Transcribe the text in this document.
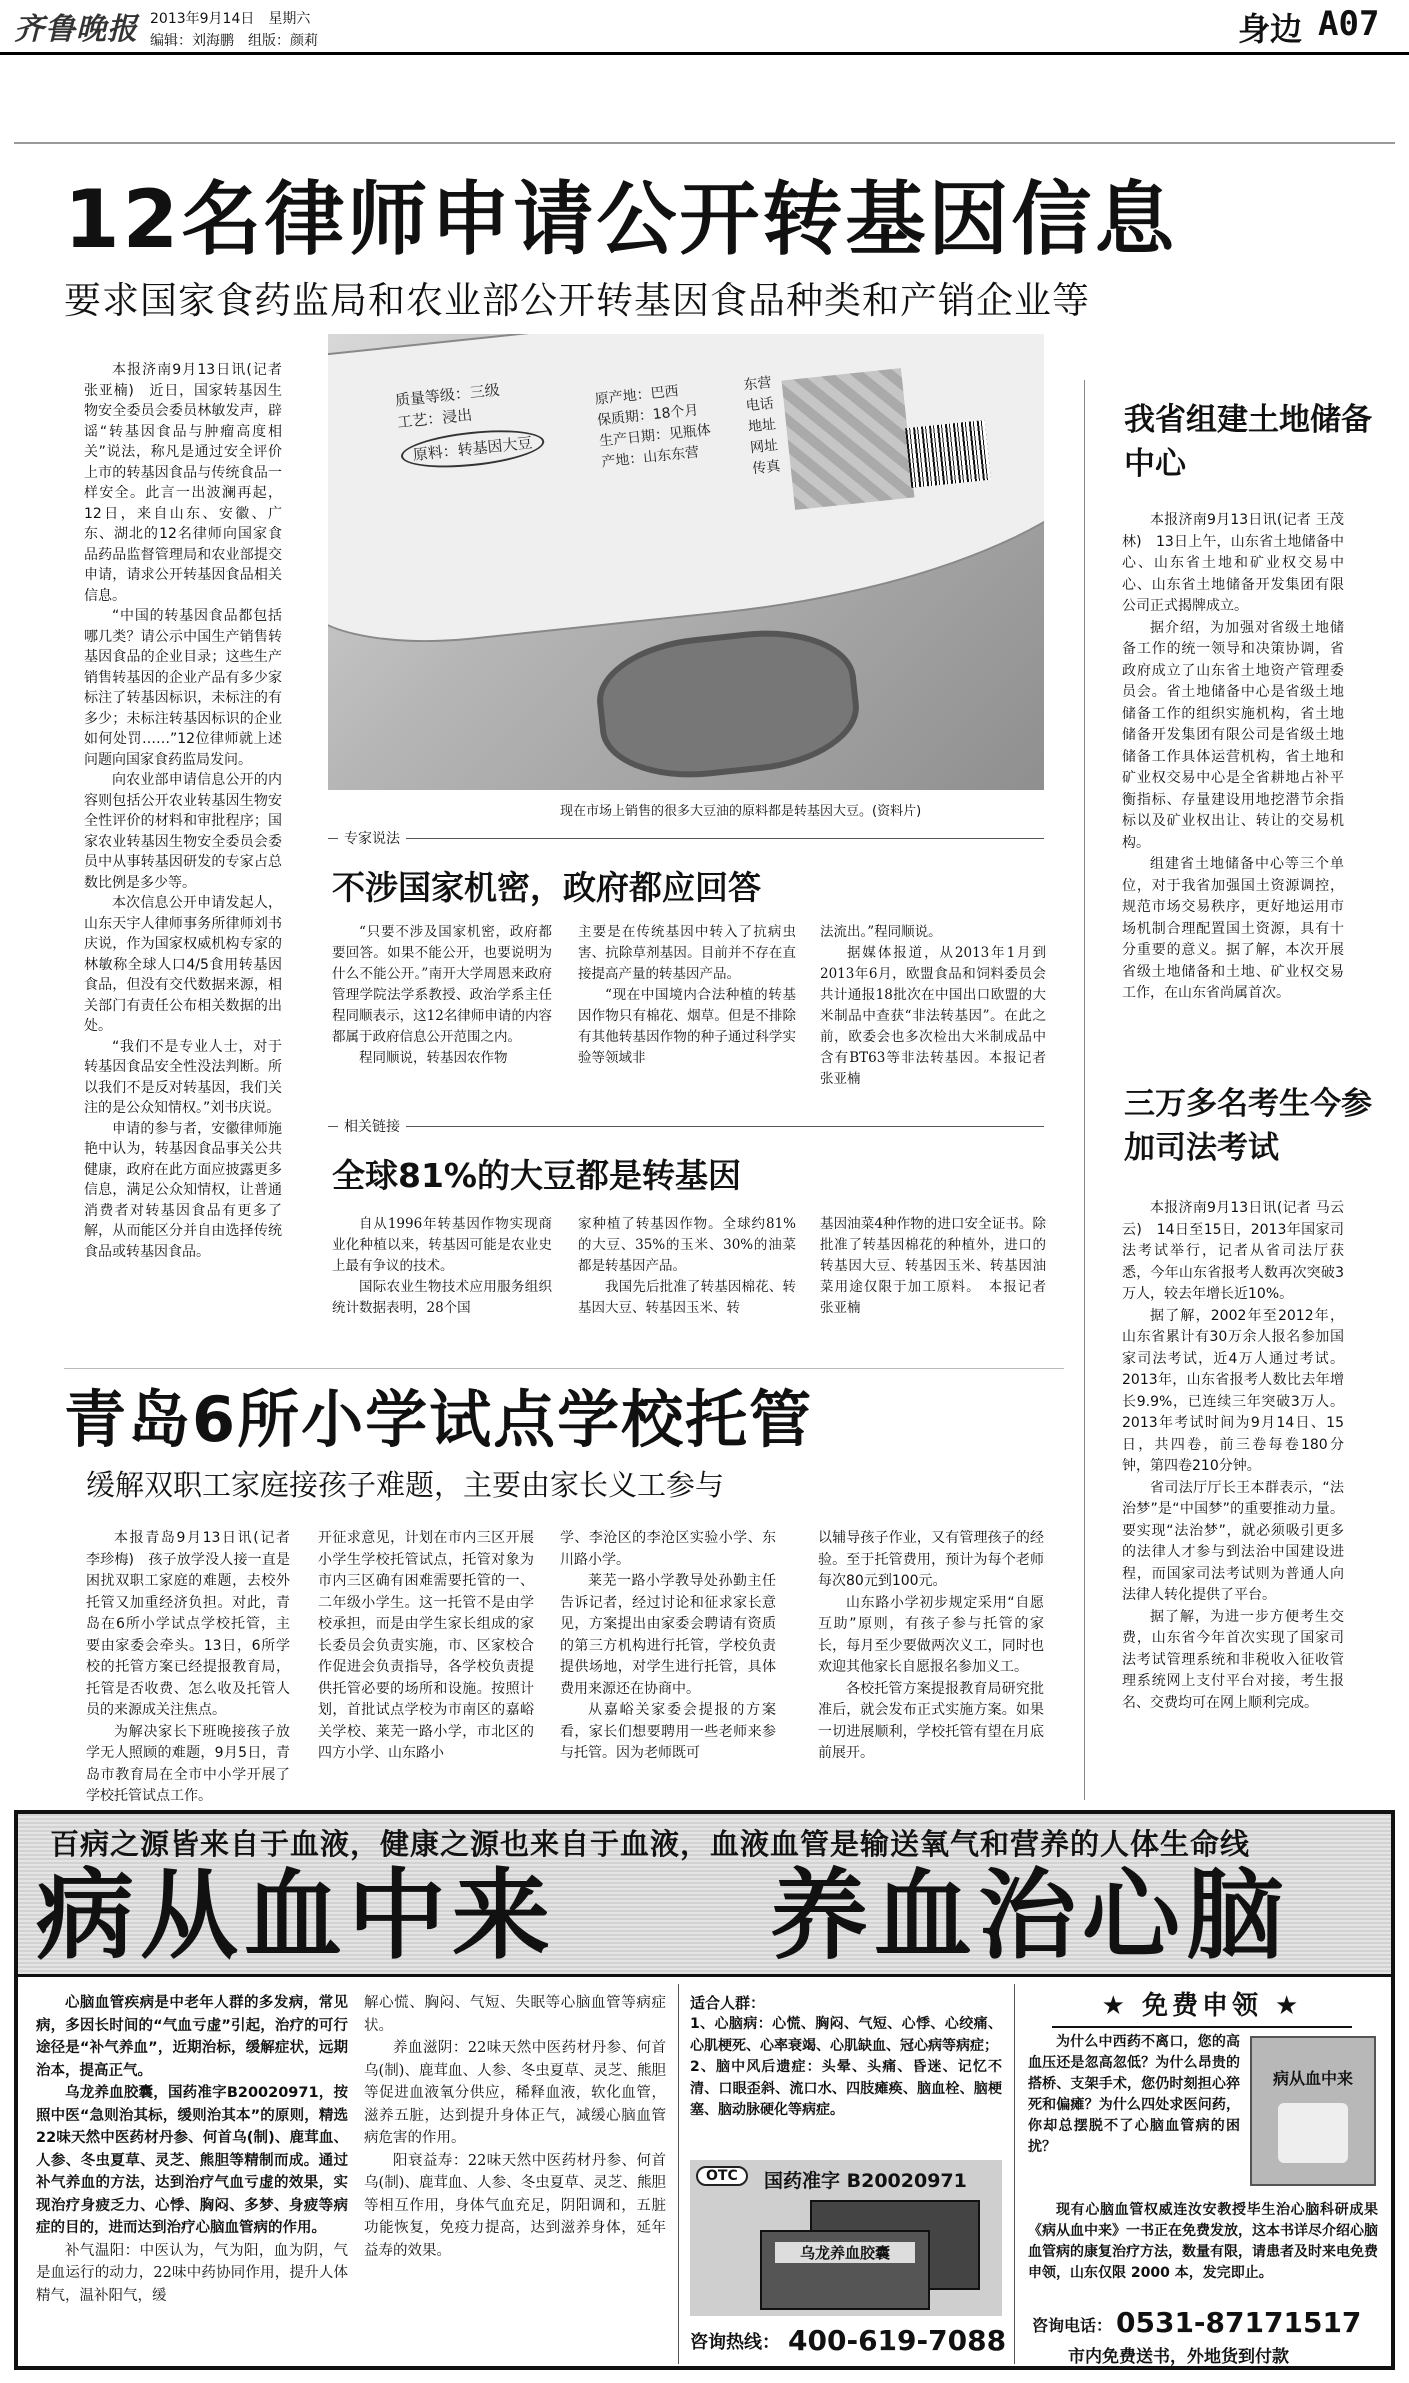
齐鲁晚报 2013年9月14日　星期六
编辑：刘海鹏　组版：颜莉	身边 A07
12名律师申请公开转基因信息
要求国家食药监局和农业部公开转基因食品种类和产销企业等

本报济南9月13日讯(记者 张亚楠)　近日，国家转基因生物安全委员会委员林敏发声，辟谣“转基因食品与肿瘤高度相关”说法，称凡是通过安全评价上市的转基因食品与传统食品一样安全。此言一出波澜再起，12日，来自山东、安徽、广东、湖北的12名律师向国家食品药品监督管理局和农业部提交申请，请求公开转基因食品相关信息。

“中国的转基因食品都包括哪几类？请公示中国生产销售转基因食品的企业目录；这些生产销售转基因的企业产品有多少家标注了转基因标识，未标注的有多少；未标注转基因标识的企业如何处罚……”12位律师就上述问题向国家食药监局发问。

向农业部申请信息公开的内容则包括公开农业转基因生物安全性评价的材料和审批程序；国家农业转基因生物安全委员会委员中从事转基因研发的专家占总数比例是多少等。

本次信息公开申请发起人，山东天宇人律师事务所律师刘书庆说，作为国家权威机构专家的林敏称全球人口4/5食用转基因食品，但没有交代数据来源，相关部门有责任公布相关数据的出处。

“我们不是专业人士，对于转基因食品安全性没法判断。所以我们不是反对转基因，我们关注的是公众知情权。”刘书庆说。

申请的参与者，安徽律师施艳中认为，转基因食品事关公共健康，政府在此方面应披露更多信息，满足公众知情权，让普通消费者对转基因食品有更多了解，从而能区分并自由选择传统食品或转基因食品。

质量等级：三级
工艺：浸出
原料：转基因大豆
原产地：巴西
保质期：18个月
生产日期：见瓶体
产地：山东东营
东营
电话
地址
网址
传真
现在市场上销售的很多大豆油的原料都是转基因大豆。(资料片)
专家说法
不涉国家机密，政府都应回答

“只要不涉及国家机密，政府都要回答。如果不能公开，也要说明为什么不能公开。”南开大学周恩来政府管理学院法学系教授、政治学系主任程同顺表示，这12名律师申请的内容都属于政府信息公开范围之内。

程同顺说，转基因农作物

主要是在传统基因中转入了抗病虫害、抗除草剂基因。目前并不存在直接提高产量的转基因产品。

“现在中国境内合法种植的转基因作物只有棉花、烟草。但是不排除有其他转基因作物的种子通过科学实验等领域非

法流出。”程同顺说。

据媒体报道，从2013年1月到2013年6月，欧盟食品和饲料委员会共计通报18批次在中国出口欧盟的大米制品中查获“非法转基因”。在此之前，欧委会也多次检出大米制成品中含有BT63等非法转基因。本报记者　张亚楠

相关链接
全球81%的大豆都是转基因

自从1996年转基因作物实现商业化种植以来，转基因可能是农业史上最有争议的技术。

国际农业生物技术应用服务组织统计数据表明，28个国

家种植了转基因作物。全球约81%的大豆、35%的玉米、30%的油菜都是转基因产品。

我国先后批准了转基因棉花、转基因大豆、转基因玉米、转

基因油菜4种作物的进口安全证书。除批准了转基因棉花的种植外，进口的转基因大豆、转基因玉米、转基因油菜用途仅限于加工原料。　本报记者　张亚楠

我省组建土地储备中心

本报济南9月13日讯(记者 王茂林)　13日上午，山东省土地储备中心、山东省土地和矿业权交易中心、山东省土地储备开发集团有限公司正式揭牌成立。

据介绍，为加强对省级土地储备工作的统一领导和决策协调，省政府成立了山东省土地资产管理委员会。省土地储备中心是省级土地储备工作的组织实施机构，省土地储备开发集团有限公司是省级土地储备工作具体运营机构，省土地和矿业权交易中心是全省耕地占补平衡指标、存量建设用地挖潜节余指标以及矿业权出让、转让的交易机构。

组建省土地储备中心等三个单位，对于我省加强国土资源调控，规范市场交易秩序，更好地运用市场机制合理配置国土资源，具有十分重要的意义。据了解，本次开展省级土地储备和土地、矿业权交易工作，在山东省尚属首次。

三万多名考生今参加司法考试

本报济南9月13日讯(记者 马云云)　14日至15日，2013年国家司法考试举行，记者从省司法厅获悉，今年山东省报考人数再次突破3万人，较去年增长近10%。

据了解，2002年至2012年，山东省累计有30万余人报名参加国家司法考试，近4万人通过考试。2013年，山东省报考人数比去年增长9.9%，已连续三年突破3万人。2013年考试时间为9月14日、15日，共四卷，前三卷每卷180分钟，第四卷210分钟。

省司法厅厅长王本群表示，“法治梦”是“中国梦”的重要推动力量。要实现“法治梦”，就必须吸引更多的法律人才参与到法治中国建设进程，而国家司法考试则为普通人向法律人转化提供了平台。

据了解，为进一步方便考生交费，山东省今年首次实现了国家司法考试管理系统和非税收入征收管理系统网上支付平台对接，考生报名、交费均可在网上顺利完成。

青岛6所小学试点学校托管
缓解双职工家庭接孩子难题，主要由家长义工参与

本报青岛9月13日讯(记者 李珍梅)　孩子放学没人接一直是困扰双职工家庭的难题，去校外托管又加重经济负担。对此，青岛在6所小学试点学校托管，主要由家委会牵头。13日，6所学校的托管方案已经提报教育局，托管是否收费、怎么收及托管人员的来源成关注焦点。

为解决家长下班晚接孩子放学无人照顾的难题，9月5日，青岛市教育局在全市中小学开展了学校托管试点工作。

开征求意见，计划在市内三区开展小学生学校托管试点，托管对象为市内三区确有困难需要托管的一、二年级小学生。这一托管不是由学校承担，而是由学生家长组成的家长委员会负责实施，市、区家校合作促进会负责指导，各学校负责提供托管必要的场所和设施。按照计划，首批试点学校为市南区的嘉峪关学校、莱芜一路小学，市北区的四方小学、山东路小

学、李沧区的李沧区实验小学、东川路小学。

莱芜一路小学教导处孙勤主任告诉记者，经过讨论和征求家长意见，方案提出由家委会聘请有资质的第三方机构进行托管，学校负责提供场地，对学生进行托管，具体费用来源还在协商中。

从嘉峪关家委会提报的方案看，家长们想要聘用一些老师来参与托管。因为老师既可

以辅导孩子作业，又有管理孩子的经验。至于托管费用，预计为每个老师每次80元到100元。

山东路小学初步规定采用“自愿互助”原则，有孩子参与托管的家长，每月至少要做两次义工，同时也欢迎其他家长自愿报名参加义工。

各校托管方案提报教育局研究批准后，就会发布正式实施方案。如果一切进展顺利，学校托管有望在月底前展开。

百病之源皆来自于血液，健康之源也来自于血液，血液血管是输送氧气和营养的人体生命线
病从血中来 养血治心脑

心脑血管疾病是中老年人群的多发病，常见病，多因长时间的“气血亏虚”引起，治疗的可行途径是“补气养血”，近期治标，缓解症状，远期治本，提高正气。

乌龙养血胶囊，国药准字B20020971，按照中医“急则治其标，缓则治其本”的原则，精选22味天然中医药材丹参、何首乌(制)、鹿茸血、人参、冬虫夏草、灵芝、熊胆等精制而成。通过补气养血的方法，达到治疗气血亏虚的效果，实现治疗身疲乏力、心悸、胸闷、多梦、身疲等病症的目的，进而达到治疗心脑血管病的作用。

补气温阳：中医认为，气为阳，血为阴，气是血运行的动力，22味中药协同作用，提升人体精气，温补阳气，缓

解心慌、胸闷、气短、失眠等心脑血管等病症状。

养血滋阴：22味天然中医药材丹参、何首乌(制)、鹿茸血、人参、冬虫夏草、灵芝、熊胆等促进血液氧分供应，稀释血液，软化血管，滋养五脏，达到提升身体正气，减缓心脑血管病危害的作用。

阳衰益寿：22味天然中医药材丹参、何首乌(制)、鹿茸血、人参、冬虫夏草、灵芝、熊胆等相互作用，身体气血充足，阴阳调和，五脏功能恢复，免疫力提高，达到滋养身体，延年益寿的效果。

适合人群：

1、心脑病：心慌、胸闷、气短、心悸、心绞痛、心肌梗死、心率衰竭、心肌缺血、冠心病等病症；

2、脑中风后遗症：头晕、头痛、昏迷、记忆不清、口眼歪斜、流口水、四肢瘫痪、脑血栓、脑梗塞、脑动脉硬化等病症。

OTC	国药准字 B20020971
乌龙养血胶囊
咨询热线： 400-619-7088
★ 免费申领 ★

为什么中西药不离口，您的高血压还是忽高忽低？为什么昂贵的搭桥、支架手术，您仍时刻担心猝死和偏瘫？为什么四处求医问药，你却总摆脱不了心脑血管病的困扰？

病从血中来

现有心脑血管权威连汝安教授毕生治心脑科研成果《病从血中来》一书正在免费发放，这本书详尽介绍心脑血管病的康复治疗方法，数量有限，请患者及时来电免费申领，山东仅限 2000 本，发完即止。

咨询电话： 0531-87171517
市内免费送书，外地货到付款
